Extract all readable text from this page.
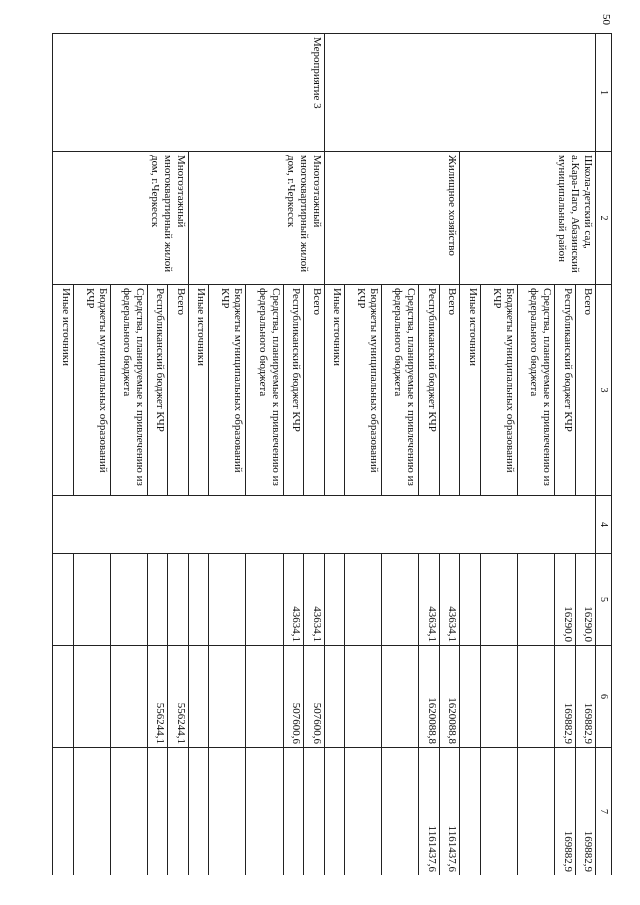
50
1	2	3	4	5	6	7
	Школа-детский сад, а.Кара-Паго, Абазинский муниципальный район	Всего		16290,0	169882,9	169882,9
		Республиканский бюджет КЧР		16290,0	169882,9	169882,9
		Средства, планируемые к привлечению из федерального бюджета				
		Бюджеты муниципальных образований КЧР				
		Иные источники				
	Жилищное хозяйство	Всего		43634,1	1620088,8	1161437,6
		Республиканский бюджет КЧР		43634,1	1620088,8	1161437,6
		Средства, планируемые к привлечению из федерального бюджета				
		Бюджеты муниципальных образований КЧР				
		Иные источники				
Мероприятие 3	Многоэтажный многоквартирный жилой дом, г.Черкесск	Всего		43634,1	507600,6	
		Республиканский бюджет КЧР		43634,1	507600,6	
		Средства, планируемые к привлечению из федерального бюджета				
		Бюджеты муниципальных образований КЧР				
		Иные источники				
	Многоэтажный многоквартирный жилой дом, г.Черкесск	Всего			556244,1	
		Республиканский бюджет КЧР			556244,1	
		Средства, планируемые к привлечению из федерального бюджета				
		Бюджеты муниципальных образований КЧР				
		Иные источники				
